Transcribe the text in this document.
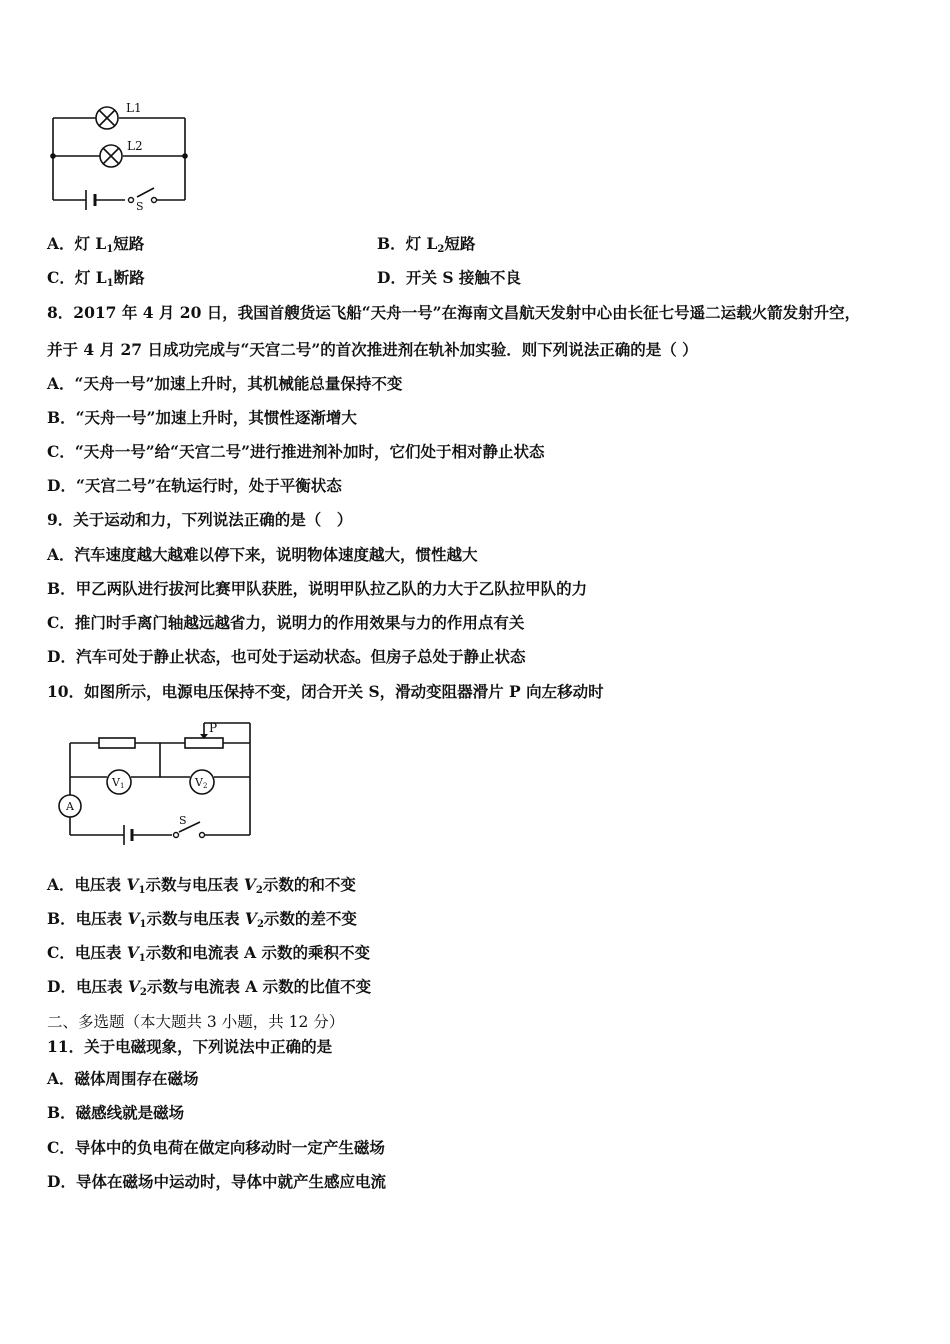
L1
L2
S
A．灯 $L_1$短路	B．灯 $L_2$短路
C．灯 $L_1$断路	D．开关 S 接触不良
8．2017 年 4 月 20 日，我国首艘货运飞船“天舟一号”在海南文昌航天发射中心由长征七号遥二运载火箭发射升空，
并于 4 月 27 日成功完成与“天宫二号”的首次推进剂在轨补加实验．则下列说法正确的是（ ）
A．“天舟一号”加速上升时，其机械能总量保持不变
B．“天舟一号”加速上升时，其惯性逐渐增大
C．“天舟一号”给“天宫二号”进行推进剂补加时，它们处于相对静止状态
D．“天宫二号”在轨运行时，处于平衡状态
9．关于运动和力，下列说法正确的是（　）
A．汽车速度越大越难以停下来，说明物体速度越大，惯性越大
B．甲乙两队进行拔河比赛甲队获胜，说明甲队拉乙队的力大于乙队拉甲队的力
C．推门时手离门轴越远越省力，说明力的作用效果与力的作用点有关
D．汽车可处于静止状态，也可处于运动状态。但房子总处于静止状态
10．如图所示，电源电压保持不变，闭合开关 S，滑动变阻器滑片 P 向左移动时
P
V1	V2
A
S
A．电压表 $V_1$示数与电压表 $V_2$示数的和不变
B．电压表 $V_1$示数与电压表 $V_2$示数的差不变
C．电压表 $V_1$示数和电流表 A 示数的乘积不变
D．电压表 $V_2$示数与电流表 A 示数的比值不变
二、多选题（本大题共 3 小题，共 12 分）
11．关于电磁现象，下列说法中正确的是
A．磁体周围存在磁场
B．磁感线就是磁场
C．导体中的负电荷在做定向移动时一定产生磁场
D．导体在磁场中运动时，导体中就产生感应电流
